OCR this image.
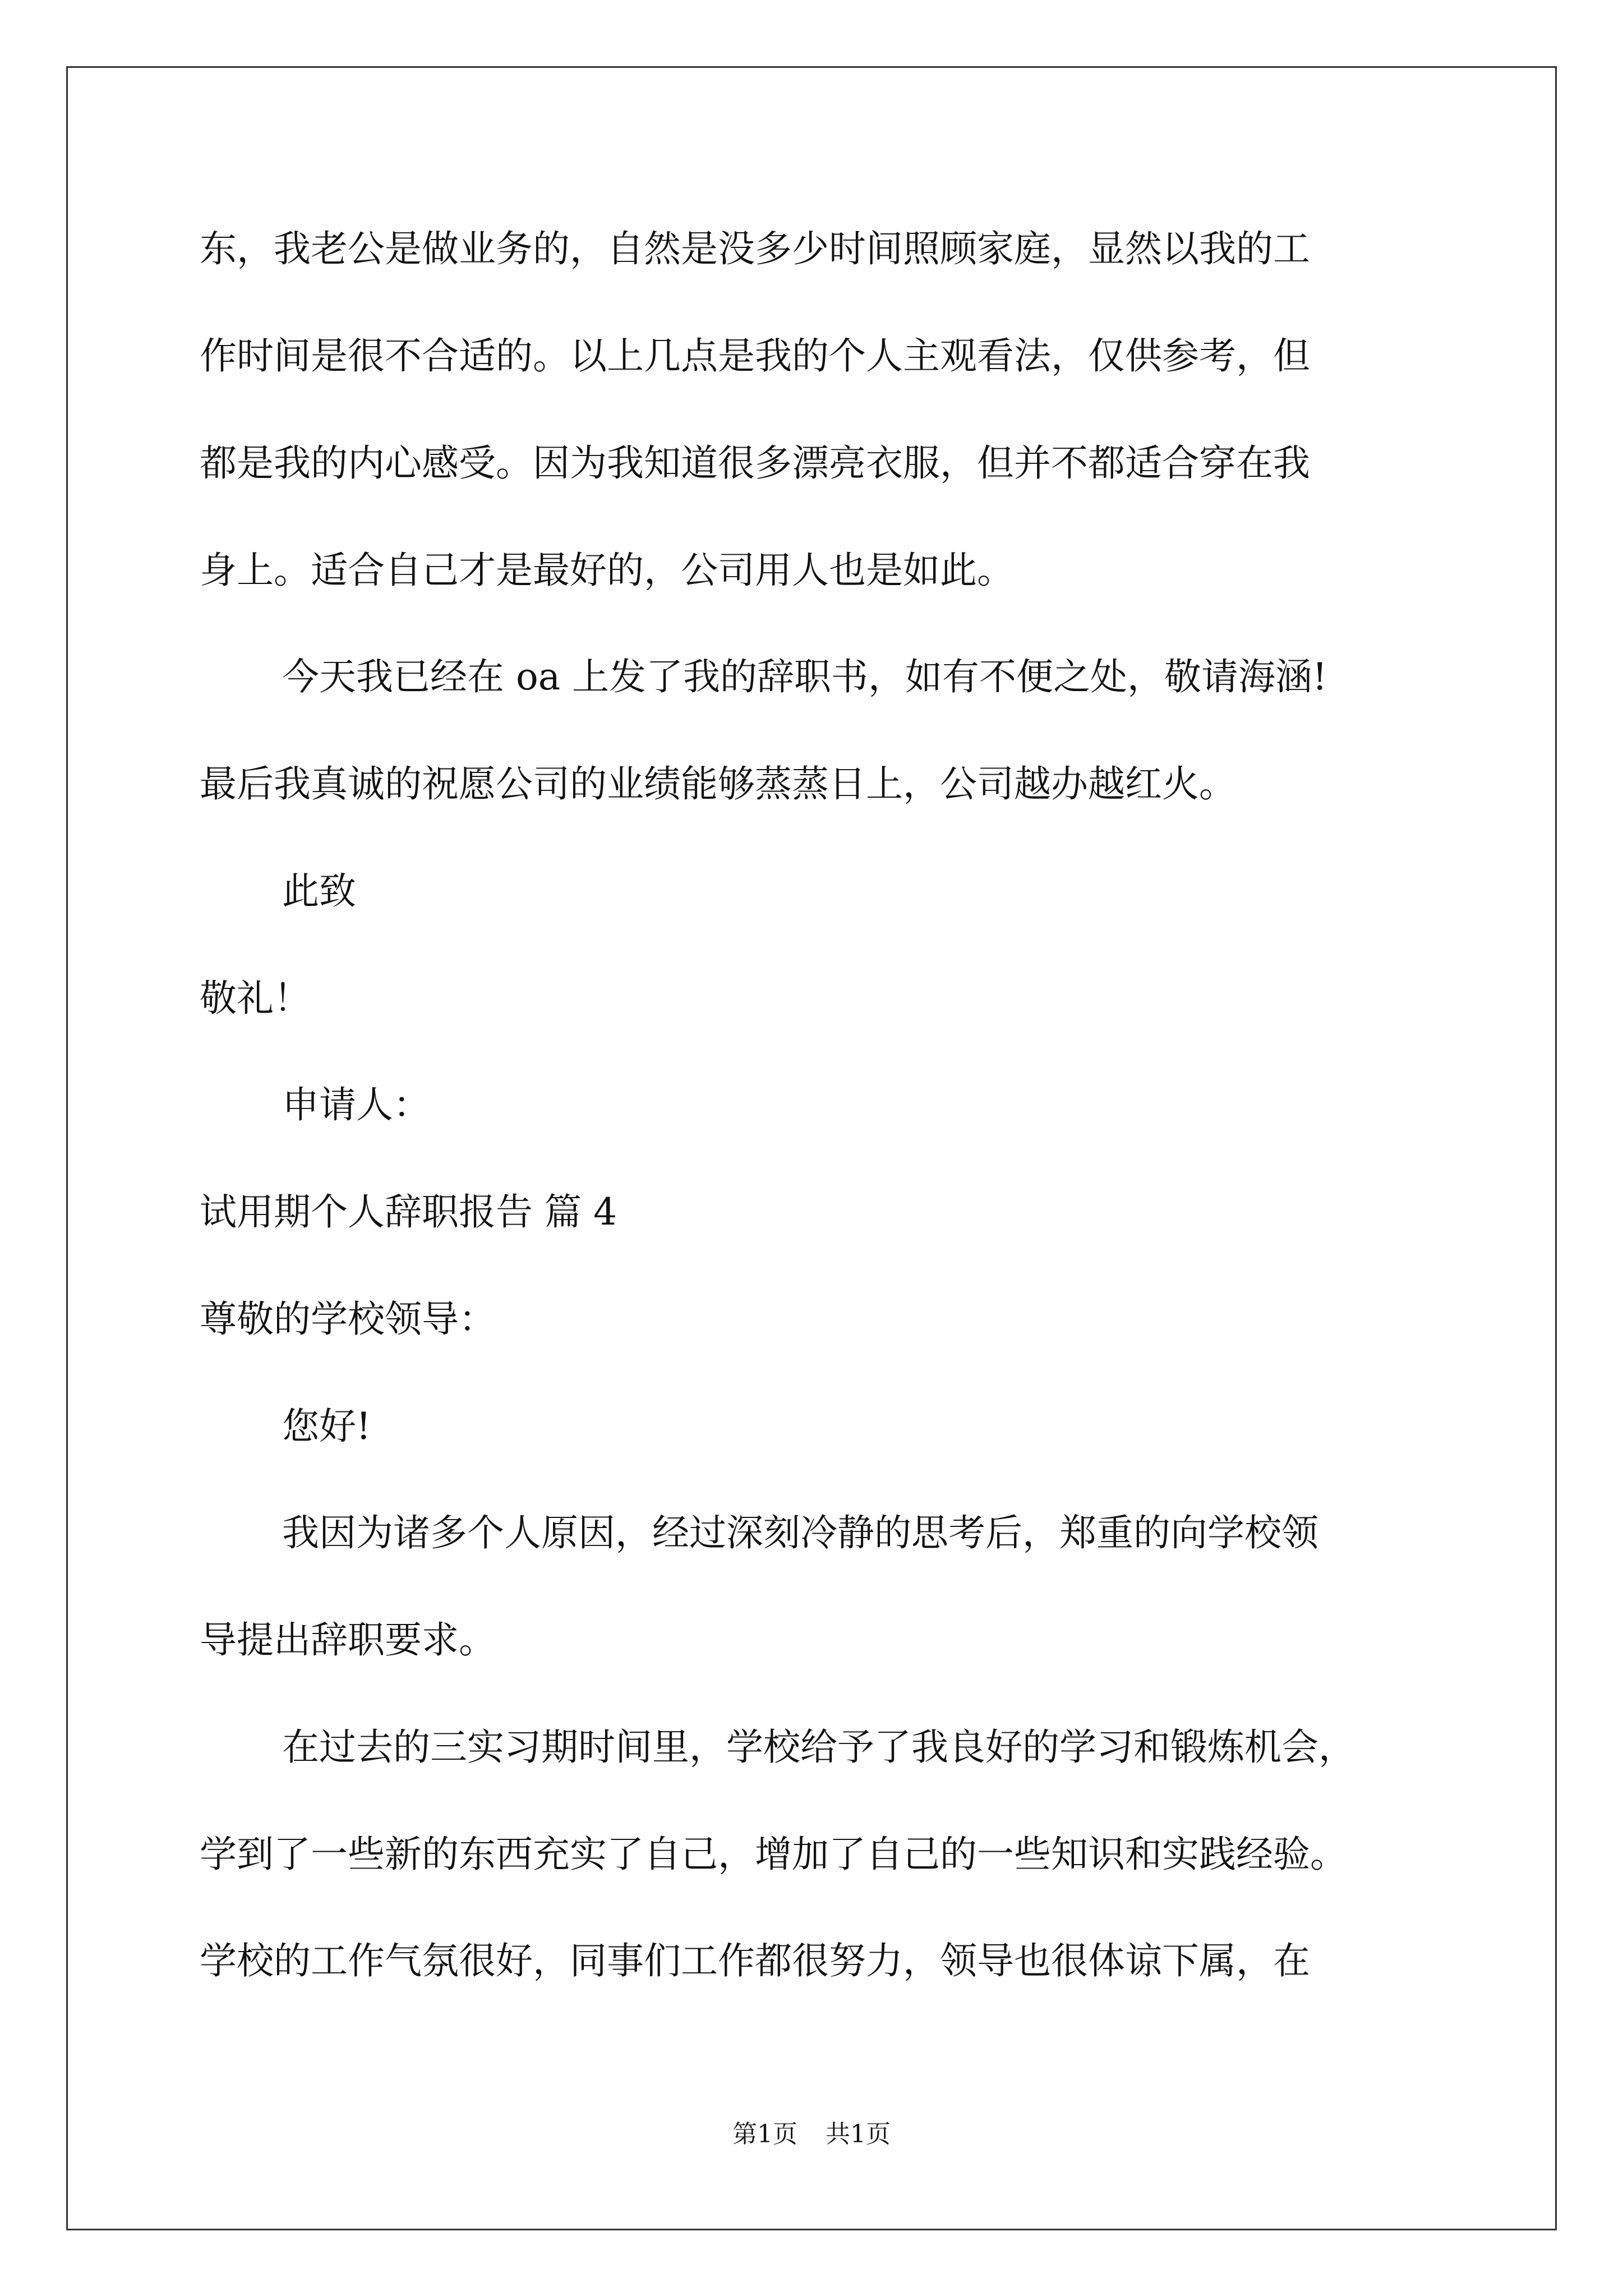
东，我老公是做业务的，自然是没多少时间照顾家庭，显然以我的工
作时间是很不合适的。以上几点是我的个人主观看法，仅供参考，但
都是我的内心感受。因为我知道很多漂亮衣服，但并不都适合穿在我
身上。适合自己才是最好的，公司用人也是如此。
今天我已经在 oa 上发了我的辞职书，如有不便之处，敬请海涵!
最后我真诚的祝愿公司的业绩能够蒸蒸日上，公司越办越红火。
此致
敬礼！
申请人：
试用期个人辞职报告 篇 4
尊敬的学校领导：
您好!
我因为诸多个人原因，经过深刻冷静的思考后，郑重的向学校领
导提出辞职要求。
在过去的三实习期时间里，学校给予了我良好的学习和锻炼机会，
学到了一些新的东西充实了自己，增加了自己的一些知识和实践经验。
学校的工作气氛很好，同事们工作都很努力，领导也很体谅下属，在
第1页 共1页
